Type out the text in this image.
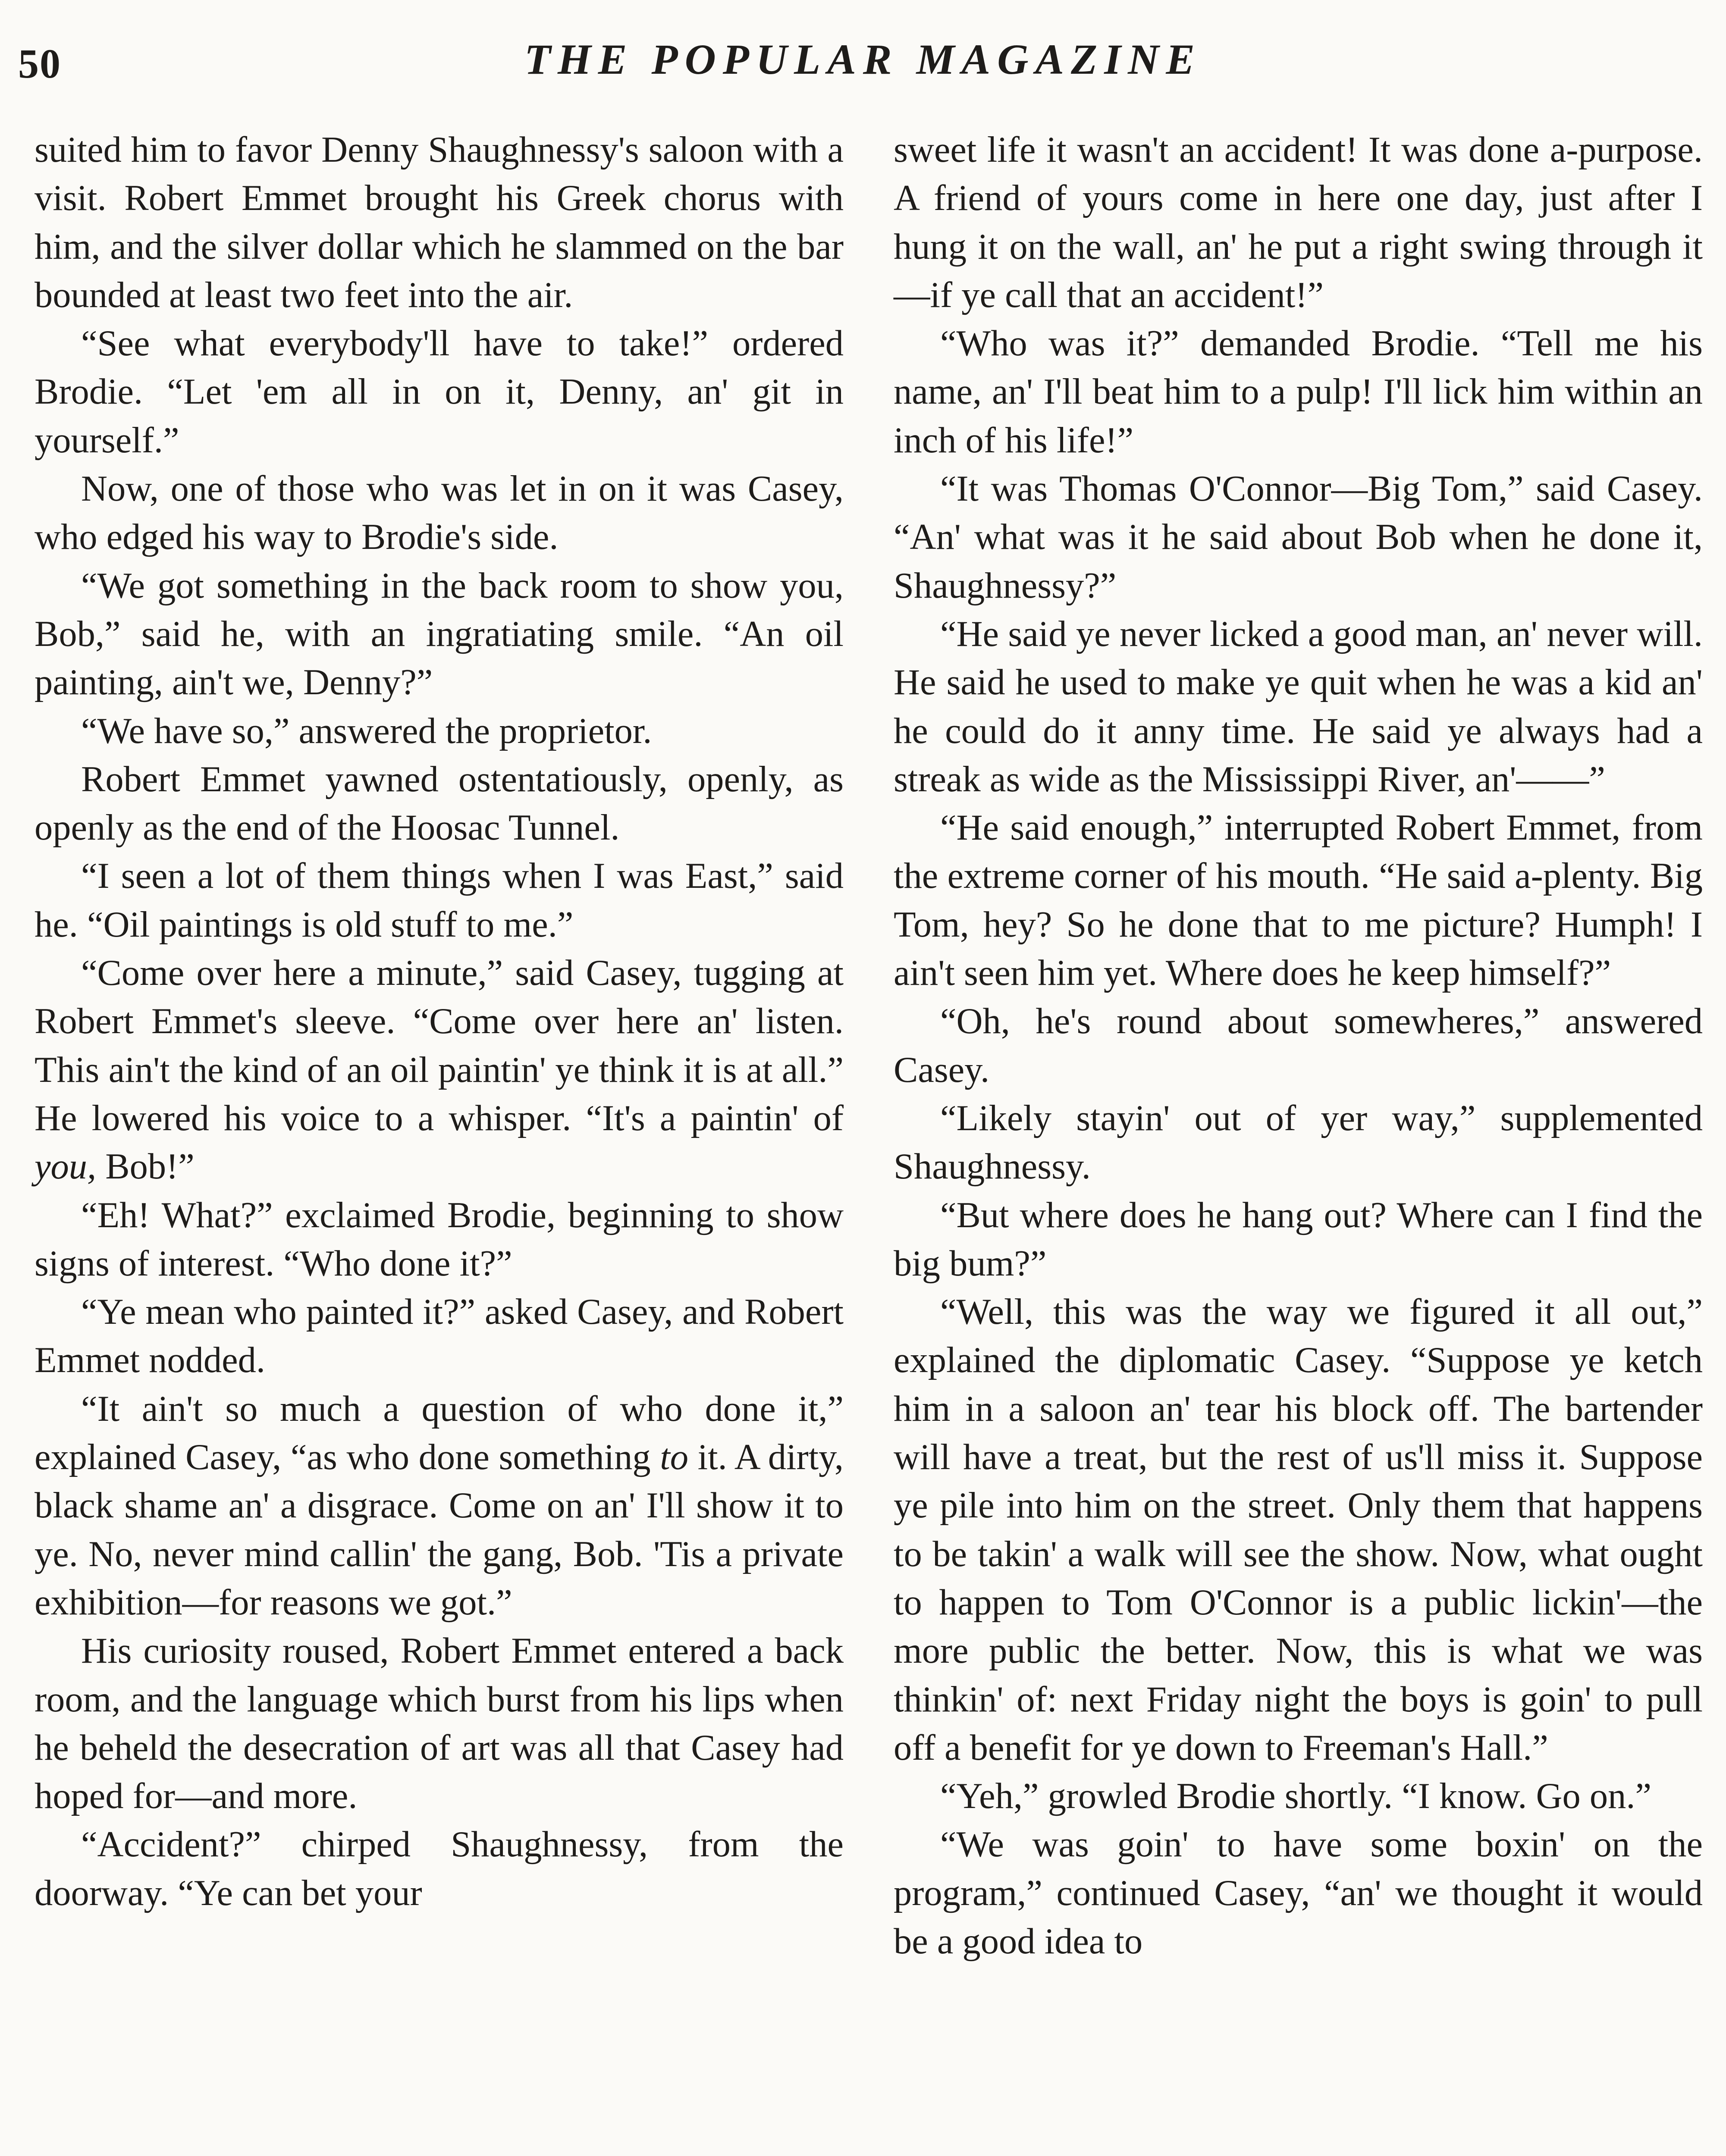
50	THE POPULAR MAGAZINE

suited him to favor Denny Shaughnessy's saloon with a visit. Robert Emmet brought his Greek chorus with him, and the silver dollar which he slammed on the bar bounded at least two feet into the air.

“See what everybody'll have to take!” ordered Brodie. “Let 'em all in on it, Denny, an' git in yourself.”

Now, one of those who was let in on it was Casey, who edged his way to Brodie's side.

“We got something in the back room to show you, Bob,” said he, with an ingratiating smile. “An oil painting, ain't we, Denny?”

“We have so,” answered the proprietor.

Robert Emmet yawned ostentatiously, openly, as openly as the end of the Hoosac Tunnel.

“I seen a lot of them things when I was East,” said he. “Oil paintings is old stuff to me.”

“Come over here a minute,” said Casey, tugging at Robert Emmet's sleeve. “Come over here an' listen. This ain't the kind of an oil paintin' ye think it is at all.” He lowered his voice to a whisper. “It's a paintin' of you, Bob!”

“Eh! What?” exclaimed Brodie, beginning to show signs of interest. “Who done it?”

“Ye mean who painted it?” asked Casey, and Robert Emmet nodded.

“It ain't so much a question of who done it,” explained Casey, “as who done something to it. A dirty, black shame an' a disgrace. Come on an' I'll show it to ye. No, never mind callin' the gang, Bob. 'Tis a private exhibition—for reasons we got.”

His curiosity roused, Robert Emmet entered a back room, and the language which burst from his lips when he beheld the desecration of art was all that Casey had hoped for—and more.

“Accident?” chirped Shaughnessy, from the doorway. “Ye can bet your

sweet life it wasn't an accident! It was done a-purpose. A friend of yours come in here one day, just after I hung it on the wall, an' he put a right swing through it—if ye call that an accident!”

“Who was it?” demanded Brodie. “Tell me his name, an' I'll beat him to a pulp! I'll lick him within an inch of his life!”

“It was Thomas O'Connor—Big Tom,” said Casey. “An' what was it he said about Bob when he done it, Shaughnessy?”

“He said ye never licked a good man, an' never will. He said he used to make ye quit when he was a kid an' he could do it anny time. He said ye always had a streak as wide as the Mississippi River, an'——”

“He said enough,” interrupted Robert Emmet, from the extreme corner of his mouth. “He said a-plenty. Big Tom, hey? So he done that to me picture? Humph! I ain't seen him yet. Where does he keep himself?”

“Oh, he's round about somewheres,” answered Casey.

“Likely stayin' out of yer way,” supplemented Shaughnessy.

“But where does he hang out? Where can I find the big bum?”

“Well, this was the way we figured it all out,” explained the diplomatic Casey. “Suppose ye ketch him in a saloon an' tear his block off. The bartender will have a treat, but the rest of us'll miss it. Suppose ye pile into him on the street. Only them that happens to be takin' a walk will see the show. Now, what ought to happen to Tom O'Connor is a public lickin'—the more public the better. Now, this is what we was thinkin' of: next Friday night the boys is goin' to pull off a benefit for ye down to Freeman's Hall.”

“Yeh,” growled Brodie shortly. “I know. Go on.”

“We was goin' to have some boxin' on the program,” continued Casey, “an' we thought it would be a good idea to
